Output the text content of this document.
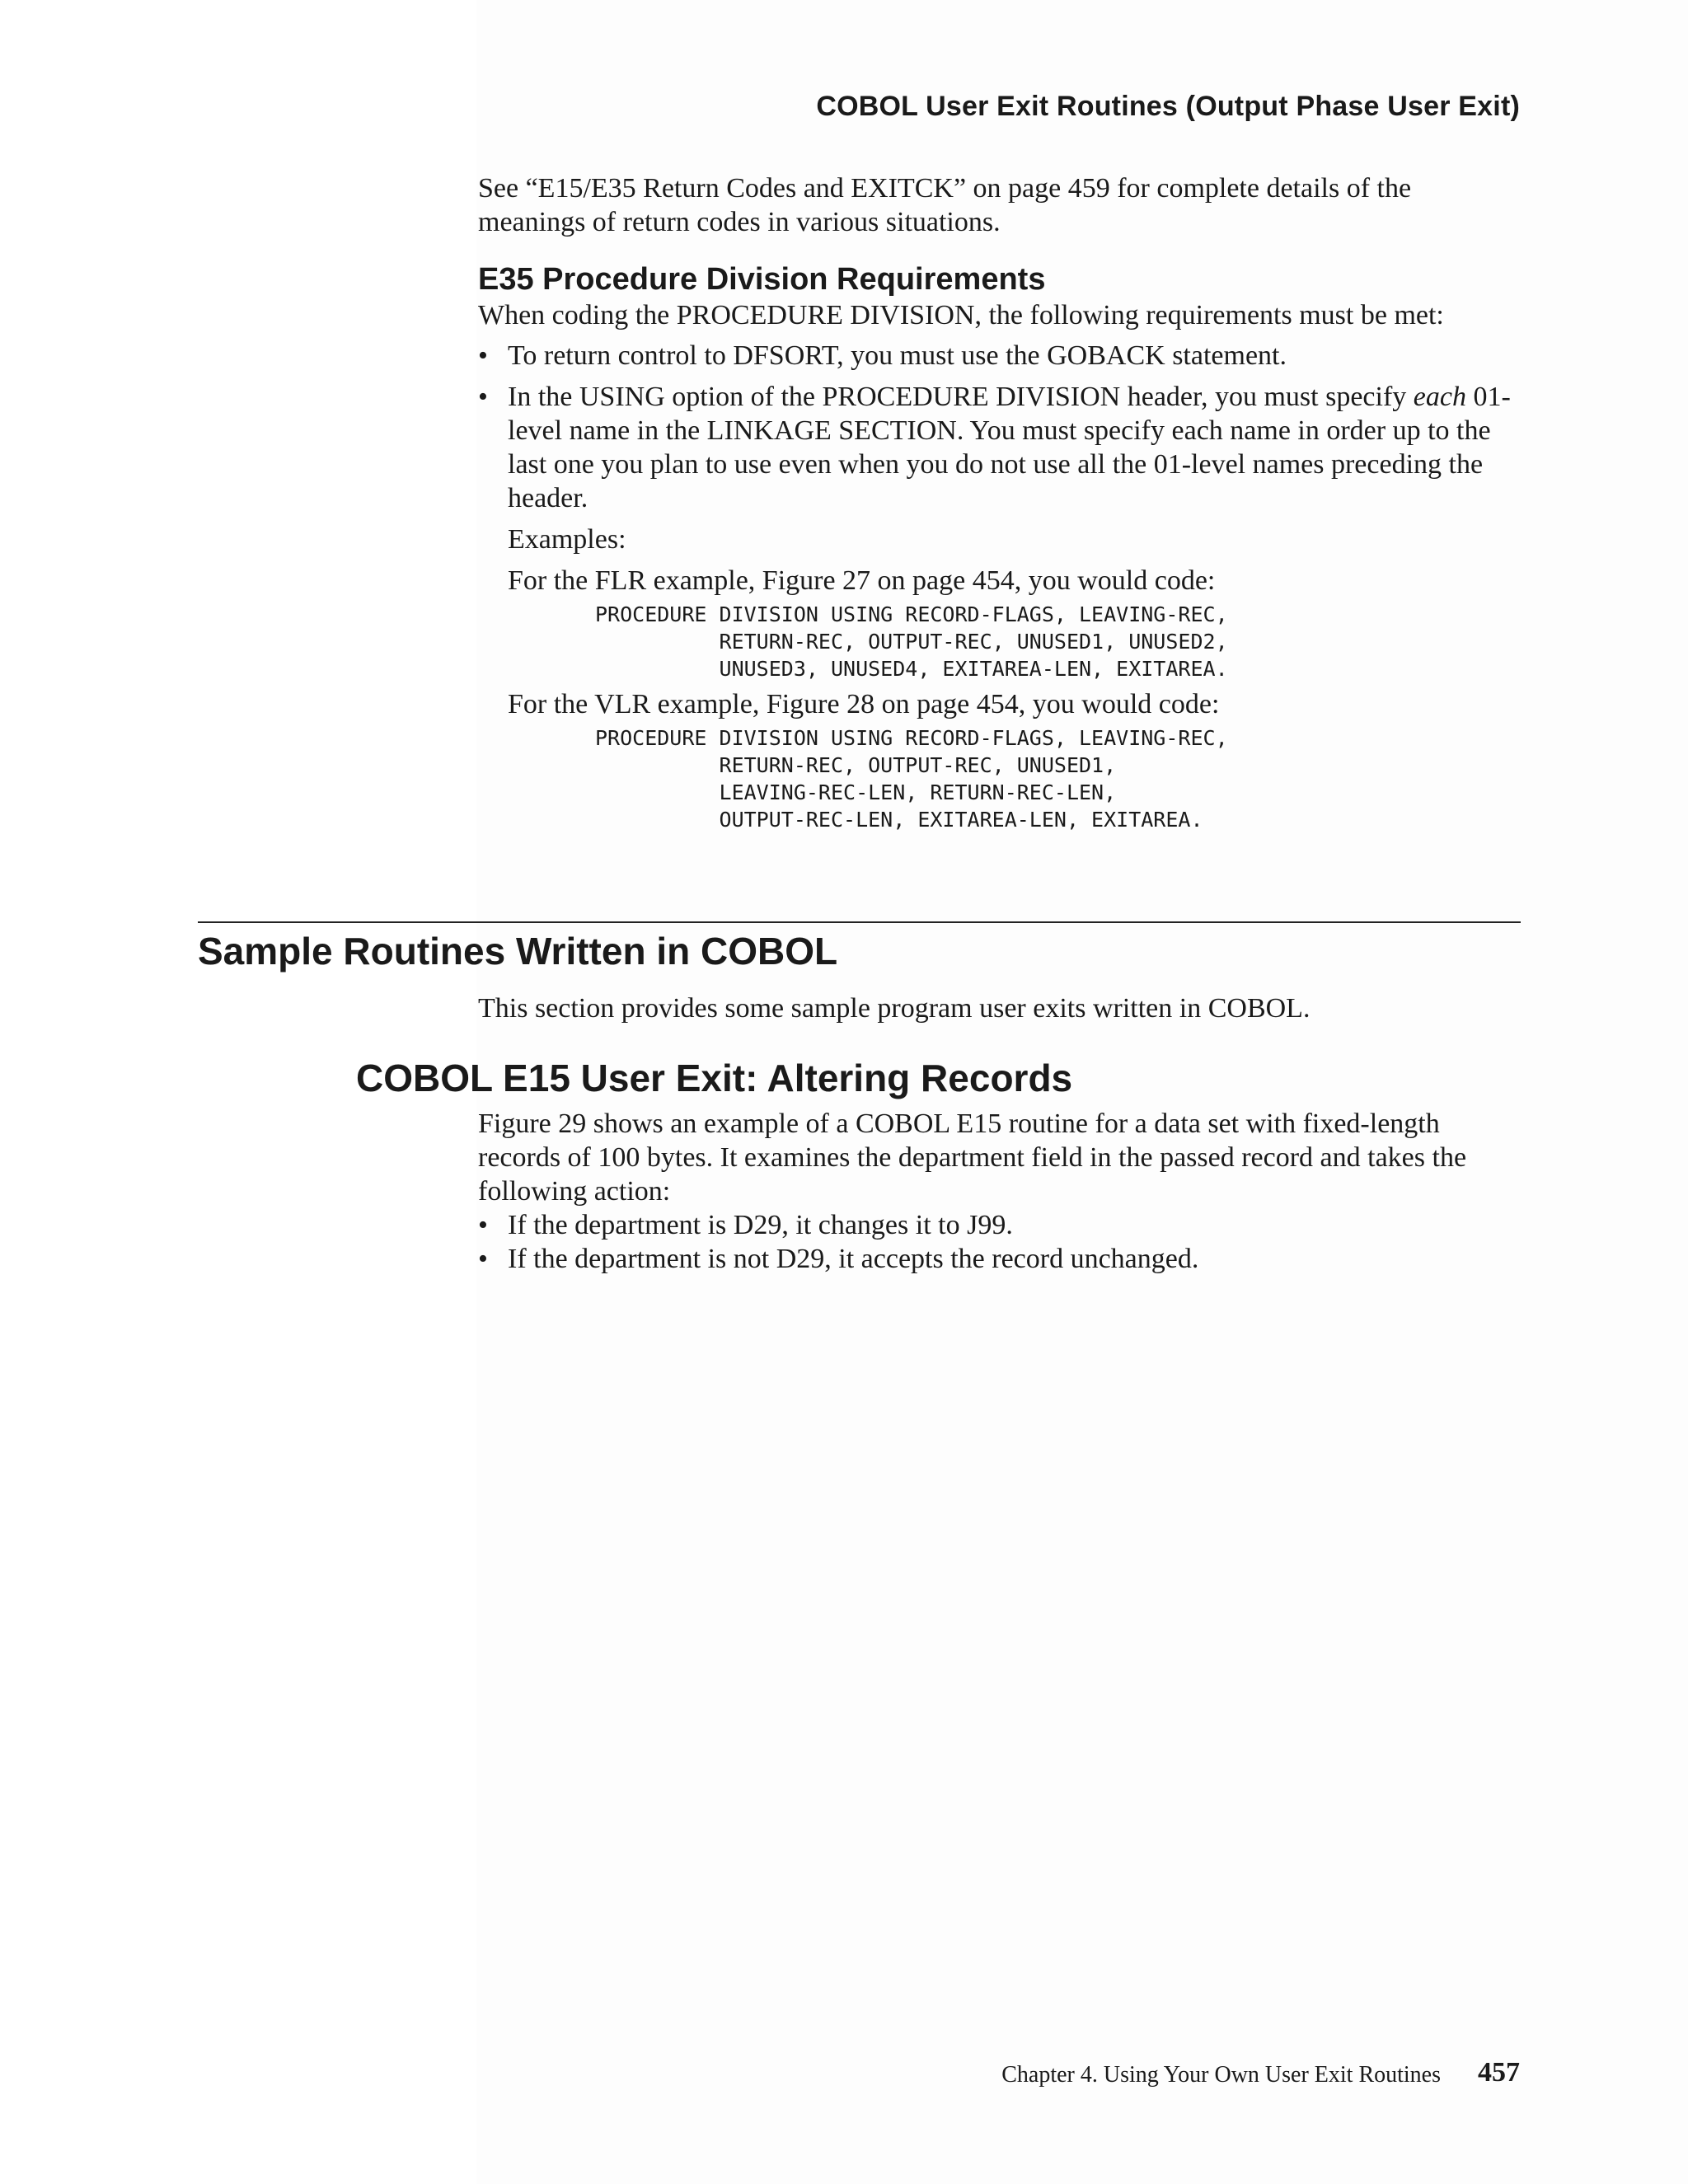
COBOL User Exit Routines (Output Phase User Exit)

See “E15/E35 Return Codes and EXITCK” on page 459 for complete details of the meanings of return codes in various situations.

E35 Procedure Division Requirements

When coding the PROCEDURE DIVISION, the following requirements must be met:

• To return control to DFSORT, you must use the GOBACK statement.
• In the USING option of the PROCEDURE DIVISION header, you must specify each 01-level name in the LINKAGE SECTION. You must specify each name in order up to the last one you plan to use even when you do not use all the 01-level names preceding the header.

Examples:

For the FLR example, Figure 27 on page 454, you would code:

PROCEDURE DIVISION USING RECORD-FLAGS, LEAVING-REC,
RETURN-REC, OUTPUT-REC, UNUSED1, UNUSED2,
UNUSED3, UNUSED4, EXITAREA-LEN, EXITAREA.

For the VLR example, Figure 28 on page 454, you would code:

PROCEDURE DIVISION USING RECORD-FLAGS, LEAVING-REC,
RETURN-REC, OUTPUT-REC, UNUSED1,
LEAVING-REC-LEN, RETURN-REC-LEN,
OUTPUT-REC-LEN, EXITAREA-LEN, EXITAREA.
Sample Routines Written in COBOL

This section provides some sample program user exits written in COBOL.

COBOL E15 User Exit: Altering Records

Figure 29 shows an example of a COBOL E15 routine for a data set with fixed-length records of 100 bytes. It examines the department field in the passed record and takes the following action:

• If the department is D29, it changes it to J99.
• If the department is not D29, it accepts the record unchanged.
Chapter 4. Using Your Own User Exit Routines 457
